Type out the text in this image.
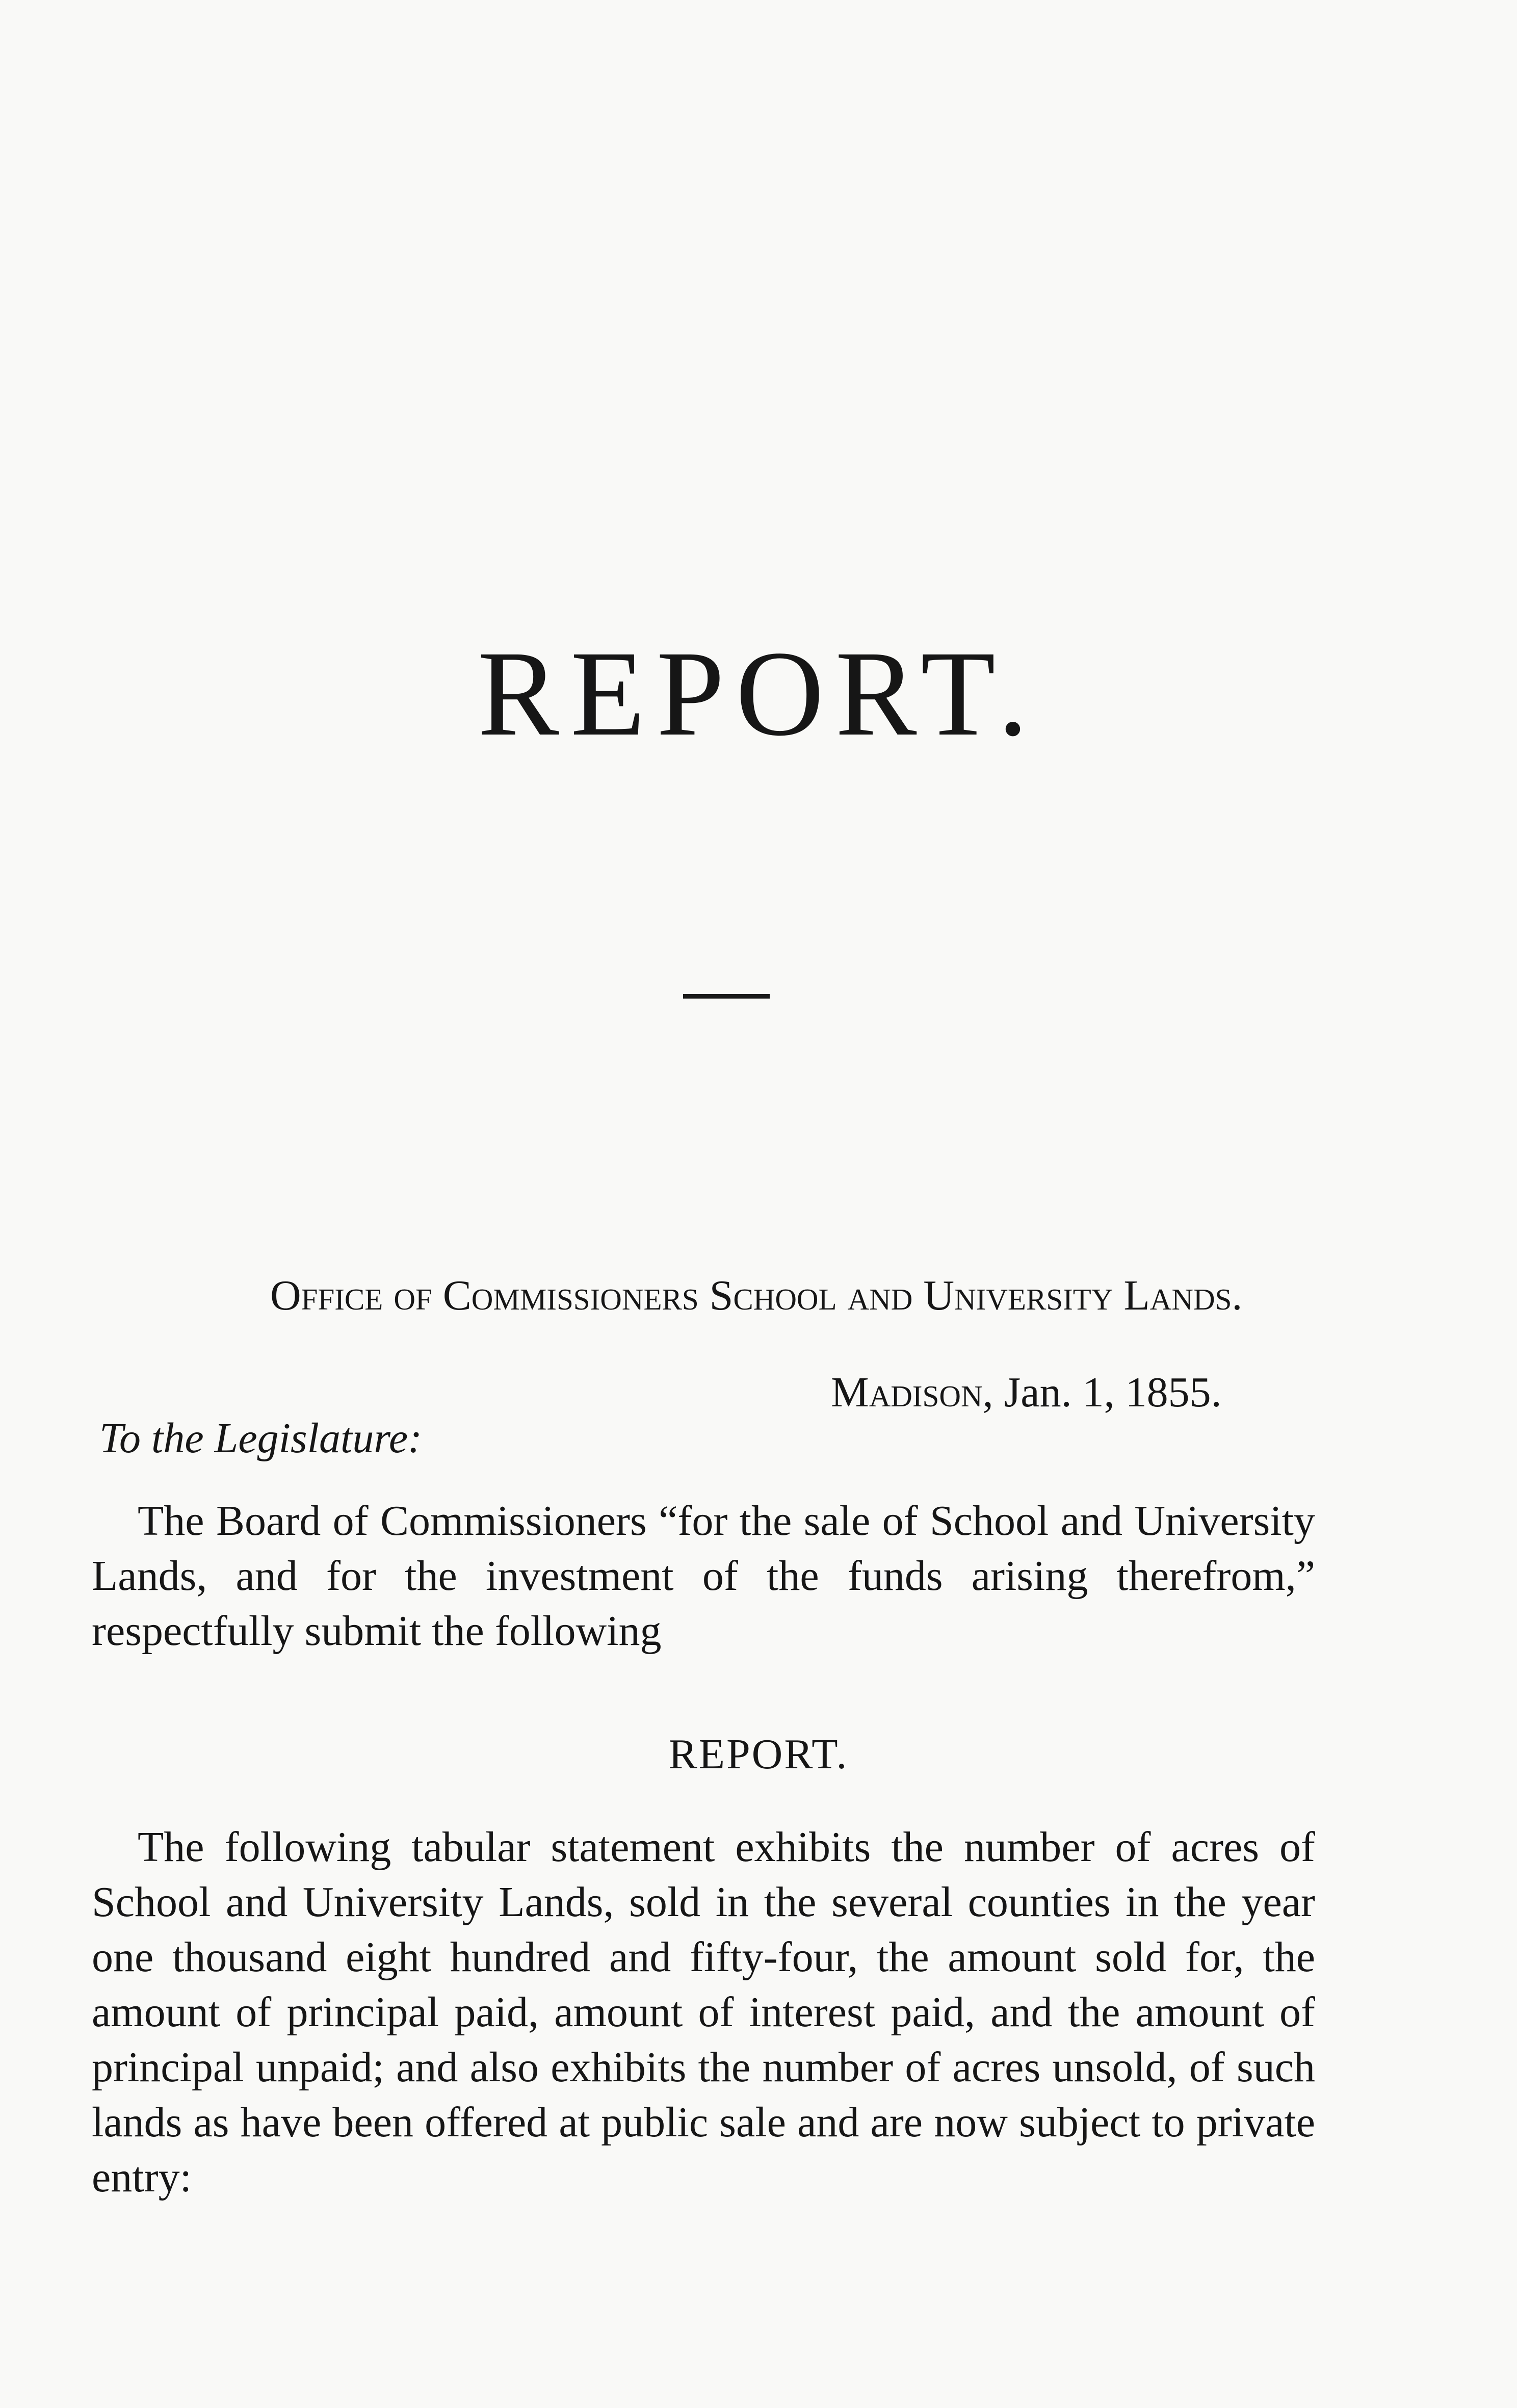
REPORT.
Office of Commissioners School and University Lands.
Madison, Jan. 1, 1855.
To the Legislature:

The Board of Commissioners “for the sale of School and University Lands, and for the investment of the funds arising therefrom,” respectfully submit the following

REPORT.

The following tabular statement exhibits the number of acres of School and University Lands, sold in the several counties in the year one thousand eight hundred and fifty-four, the amount sold for, the amount of principal paid, amount of interest paid, and the amount of principal unpaid; and also exhibits the number of acres unsold, of such lands as have been offered at public sale and are now subject to private entry:
